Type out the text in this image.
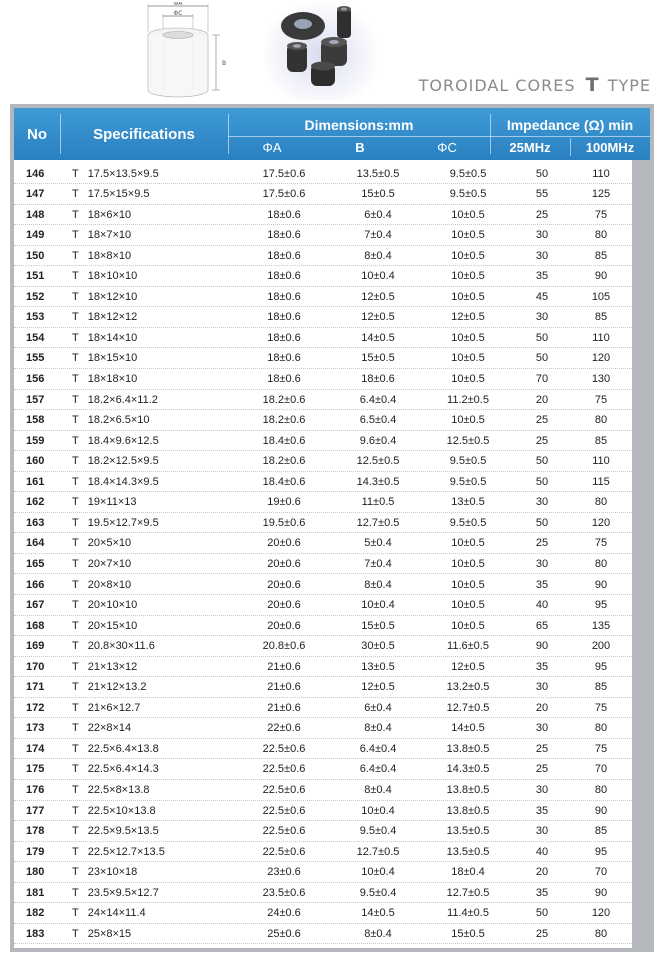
ΦA
ΦC
B
TOROIDAL CORES T TYPE
No	Specifications
Dimensions:mm	Impedance (Ω) min
ΦA	B	ΦC	25MHz	100MHz
146	T 17.5×13.5×9.5	17.5±0.6	13.5±0.5	9.5±0.5	50	110
147	T 17.5×15×9.5	17.5±0.6	15±0.5	9.5±0.5	55	125
148	T 18×6×10	18±0.6	6±0.4	10±0.5	25	75
149	T 18×7×10	18±0.6	7±0.4	10±0.5	30	80
150	T 18×8×10	18±0.6	8±0.4	10±0.5	30	85
151	T 18×10×10	18±0.6	10±0.4	10±0.5	35	90
152	T 18×12×10	18±0.6	12±0.5	10±0.5	45	105
153	T 18×12×12	18±0.6	12±0.5	12±0.5	30	85
154	T 18×14×10	18±0.6	14±0.5	10±0.5	50	110
155	T 18×15×10	18±0.6	15±0.5	10±0.5	50	120
156	T 18×18×10	18±0.6	18±0.6	10±0.5	70	130
157	T 18.2×6.4×11.2	18.2±0.6	6.4±0.4	11.2±0.5	20	75
158	T 18.2×6.5×10	18.2±0.6	6.5±0.4	10±0.5	25	80
159	T 18.4×9.6×12.5	18.4±0.6	9.6±0.4	12.5±0.5	25	85
160	T 18.2×12.5×9.5	18.2±0.6	12.5±0.5	9.5±0.5	50	110
161	T 18.4×14.3×9.5	18.4±0.6	14.3±0.5	9.5±0.5	50	115
162	T 19×11×13	19±0.6	11±0.5	13±0.5	30	80
163	T 19.5×12.7×9.5	19.5±0.6	12.7±0.5	9.5±0.5	50	120
164	T 20×5×10	20±0.6	5±0.4	10±0.5	25	75
165	T 20×7×10	20±0.6	7±0.4	10±0.5	30	80
166	T 20×8×10	20±0.6	8±0.4	10±0.5	35	90
167	T 20×10×10	20±0.6	10±0.4	10±0.5	40	95
168	T 20×15×10	20±0.6	15±0.5	10±0.5	65	135
169	T 20.8×30×11.6	20.8±0.6	30±0.5	11.6±0.5	90	200
170	T 21×13×12	21±0.6	13±0.5	12±0.5	35	95
171	T 21×12×13.2	21±0.6	12±0.5	13.2±0.5	30	85
172	T 21×6×12.7	21±0.6	6±0.4	12.7±0.5	20	75
173	T 22×8×14	22±0.6	8±0.4	14±0.5	30	80
174	T 22.5×6.4×13.8	22.5±0.6	6.4±0.4	13.8±0.5	25	75
175	T 22.5×6.4×14.3	22.5±0.6	6.4±0.4	14.3±0.5	25	70
176	T 22.5×8×13.8	22.5±0.6	8±0.4	13.8±0.5	30	80
177	T 22.5×10×13.8	22.5±0.6	10±0.4	13.8±0.5	35	90
178	T 22.5×9.5×13.5	22.5±0.6	9.5±0.4	13.5±0.5	30	85
179	T 22.5×12.7×13.5	22.5±0.6	12.7±0.5	13.5±0.5	40	95
180	T 23×10×18	23±0.6	10±0.4	18±0.4	20	70
181	T 23.5×9.5×12.7	23.5±0.6	9.5±0.4	12.7±0.5	35	90
182	T 24×14×11.4	24±0.6	14±0.5	11.4±0.5	50	120
183	T 25×8×15	25±0.6	8±0.4	15±0.5	25	80
